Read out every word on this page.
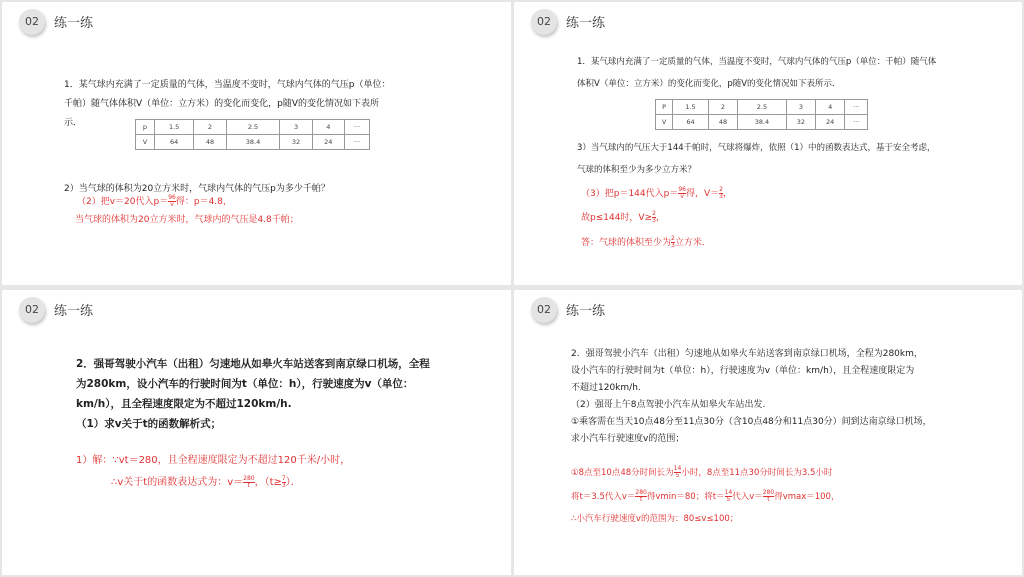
02	练一练
1．某气球内充满了一定质量的气体，当温度不变时，气球内气体的气压p（单位：
千帕）随气体体积V（单位：立方米）的变化而变化，p随V的变化情况如下表所
示．	p	1.5	2	2.5	3	4	···
V	64	48	38.4	32	24	···
2）当气球的体积为20立方米时，气球内气体的气压p为多少千帕？
（2）把v＝20代入$p= \frac{96}{v}$ 得：p＝4.8，
当气球的体积为20立方米时，气球内的气压是4.8千帕；
02	练一练
1．某气球内充满了一定质量的气体，当温度不变时，气球内气体的气压p（单位：千帕）随气体
体积V（单位：立方米）的变化而变化，p随V的变化情况如下表所示．
P	1.5	2	2.5	3	4	···
V	64	48	38.4	32	24	···
3）当气球内的气压大于144千帕时，气球将爆炸，依照（1）中的函数表达式，基于安全考虑，
气球的体积至少为多少立方米？
（3）把p＝144代入$p= \frac{96}{v}$ 得，$V= \frac{2}{3}$ ，
故p≤144时，$V\ge \frac{2}{3}$ ，
答：气球的体积至少为 $\frac{2}{3}$ 立方米．
02	练一练
2．强哥驾驶小汽车（出租）匀速地从如皋火车站送客到南京绿口机场，全程
为280km，设小汽车的行驶时间为t（单位：h），行驶速度为v（单位：
km/h），且全程速度限定为不超过120km/h.
（1）求v关于t的函数解析式；
1）解：∵vt＝280，且全程速度限定为不超过120千米/小时，
∴v关于t的函数表达式为：$v= \frac{280}{t}$ ，（$t\ge \frac{7}{3}$ ）．
02	练一练
2．强哥驾驶小汽车（出租）匀速地从如皋火车站送客到南京绿口机场，全程为280km，
设小汽车的行驶时间为t（单位：h），行驶速度为v（单位：km/h），且全程速度限定为
不超过120km/h.
（2）强哥上午8点驾驶小汽车从如皋火车站出发.
①乘客需在当天10点48分至11点30分（含10点48分和11点30分）间到达南京绿口机场，
求小汽车行驶速度v的范围；
①8点至10点48分时间长为 $\frac{14}{5}$ 小时，8点至11点30分时间长为3.5小时
将t＝3.5代入$v= \frac{280}{t}$ 得vmin＝80；将$t= \frac{14}{5}$ 代入$v= \frac{280}{t}$ 得vmax＝100，
∴小汽车行驶速度v的范围为：80≤v≤100；
